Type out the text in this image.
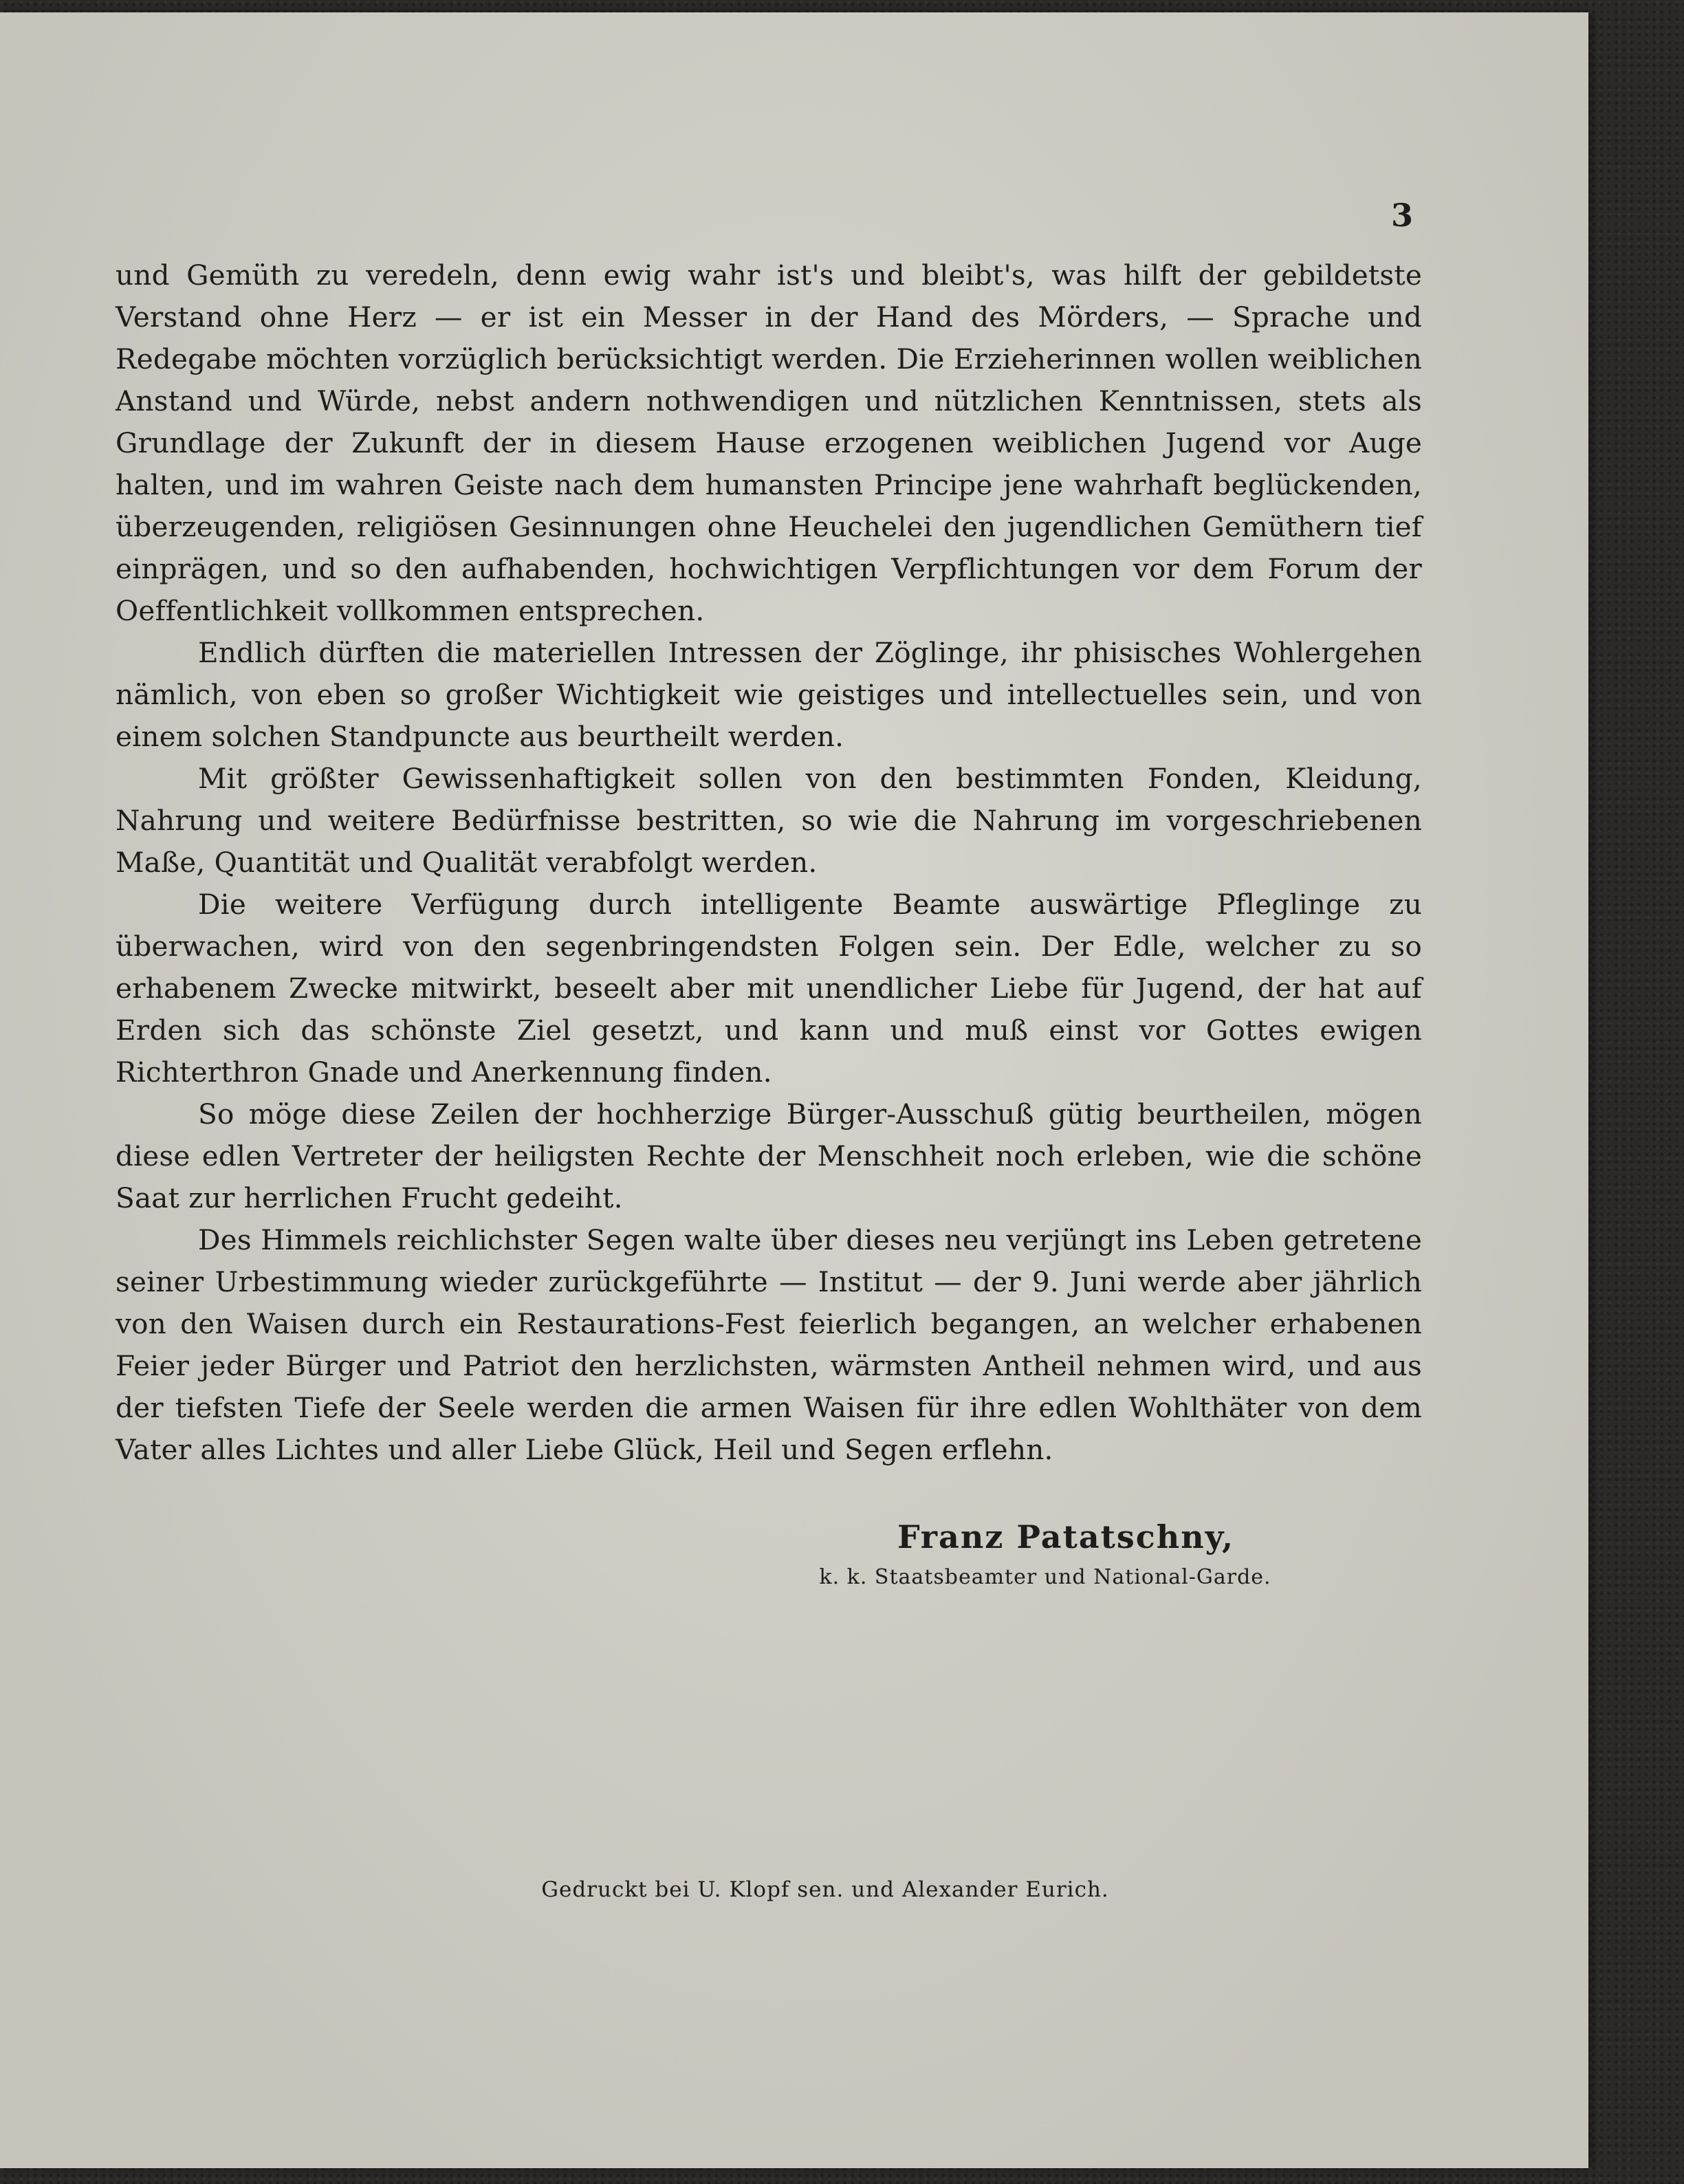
3

und Gemüth zu veredeln, denn ewig wahr ist's und bleibt's, was hilft der gebildetste Verstand ohne Herz — er ist ein Messer in der Hand des Mörders, — Sprache und Redegabe möchten vorzüglich berücksichtigt werden. Die Erzieherinnen wollen weiblichen Anstand und Würde, nebst andern nothwendigen und nützlichen Kenntnissen, stets als Grundlage der Zukunft der in diesem Hause erzogenen weiblichen Jugend vor Auge halten, und im wahren Geiste nach dem humansten Principe jene wahrhaft beglückenden, überzeugenden, religiösen Gesinnungen ohne Heuchelei den jugendlichen Gemüthern tief einprägen, und so den aufhabenden, hochwichtigen Verpflichtungen vor dem Forum der Oeffentlichkeit vollkommen entsprechen.

Endlich dürften die materiellen Intressen der Zöglinge, ihr phisisches Wohlergehen nämlich, von eben so großer Wichtigkeit wie geistiges und intellectuelles sein, und von einem solchen Standpuncte aus beurtheilt werden.

Mit größter Gewissenhaftigkeit sollen von den bestimmten Fonden, Kleidung, Nahrung und weitere Bedürfnisse bestritten, so wie die Nahrung im vorgeschriebenen Maße, Quantität und Qualität verabfolgt werden.

Die weitere Verfügung durch intelligente Beamte auswärtige Pfleglinge zu überwachen, wird von den segenbringendsten Folgen sein. Der Edle, welcher zu so erhabenem Zwecke mitwirkt, beseelt aber mit unendlicher Liebe für Jugend, der hat auf Erden sich das schönste Ziel gesetzt, und kann und muß einst vor Gottes ewigen Richterthron Gnade und Anerkennung finden.

So möge diese Zeilen der hochherzige Bürger-Ausschuß gütig beurtheilen, mögen diese edlen Vertreter der heiligsten Rechte der Menschheit noch erleben, wie die schöne Saat zur herrlichen Frucht gedeiht.

Des Himmels reichlichster Segen walte über dieses neu verjüngt ins Leben getretene seiner Urbestimmung wieder zurückgeführte — Institut — der 9. Juni werde aber jährlich von den Waisen durch ein Restaurations-Fest feierlich begangen, an welcher erhabenen Feier jeder Bürger und Patriot den herzlichsten, wärmsten Antheil nehmen wird, und aus der tiefsten Tiefe der Seele werden die armen Waisen für ihre edlen Wohlthäter von dem Vater alles Lichtes und aller Liebe Glück, Heil und Segen erflehn.

Franz Patatschny,
k. k. Staatsbeamter und National-Garde.
Gedruckt bei U. Klopf sen. und Alexander Eurich.
